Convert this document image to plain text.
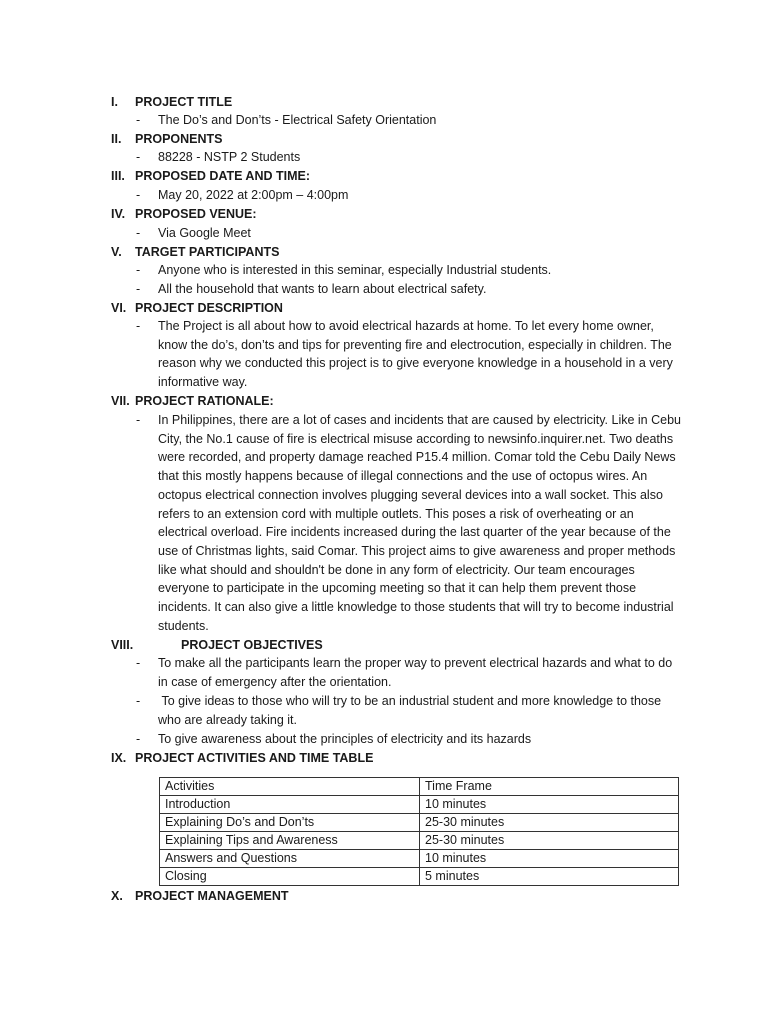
I. PROJECT TITLE
- The Do’s and Don’ts - Electrical Safety Orientation
II. PROPONENTS
- 88228 - NSTP 2 Students
III. PROPOSED DATE AND TIME:
- May 20, 2022 at 2:00pm – 4:00pm
IV. PROPOSED VENUE:
- Via Google Meet
V. TARGET PARTICIPANTS
- Anyone who is interested in this seminar, especially Industrial students.
- All the household that wants to learn about electrical safety.
VI. PROJECT DESCRIPTION
- The Project is all about how to avoid electrical hazards at home. To let every home owner, know the do’s, don’ts and tips for preventing fire and electrocution, especially in children. The reason why we conducted this project is to give everyone knowledge in a household in a very informative way.
VII. PROJECT RATIONALE:
- In Philippines, there are a lot of cases and incidents that are caused by electricity. Like in Cebu City, the No.1 cause of fire is electrical misuse according to newsinfo.inquirer.net. Two deaths were recorded, and property damage reached P15.4 million. Comar told the Cebu Daily News that this mostly happens because of illegal connections and the use of octopus wires. An octopus electrical connection involves plugging several devices into a wall socket. This also refers to an extension cord with multiple outlets. This poses a risk of overheating or an electrical overload. Fire incidents increased during the last quarter of the year because of the use of Christmas lights, said Comar. This project aims to give awareness and proper methods like what should and shouldn't be done in any form of electricity. Our team encourages everyone to participate in the upcoming meeting so that it can help them prevent those incidents. It can also give a little knowledge to those students that will try to become industrial students.
VIII.	PROJECT OBJECTIVES
- To make all the participants learn the proper way to prevent electrical hazards and what to do in case of emergency after the orientation.
- To give ideas to those who will try to be an industrial student and more knowledge to those who are already taking it.
- To give awareness about the principles of electricity and its hazards
IX. PROJECT ACTIVITIES AND TIME TABLE
Activities	Time Frame
Introduction	10 minutes
Explaining Do’s and Don’ts	25-30 minutes
Explaining Tips and Awareness	25-30 minutes
Answers and Questions	10 minutes
Closing	5 minutes
X. PROJECT MANAGEMENT
